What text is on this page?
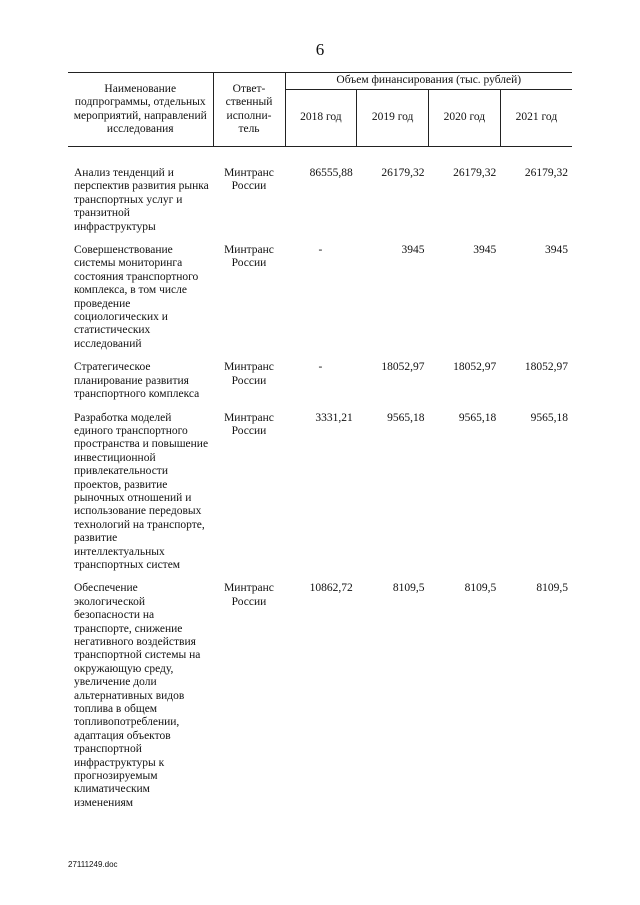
6
Наименование подпрограммы, отдельных мероприятий, направлений исследования	Ответ-ственный исполни-тель	Объем финансирования (тыс. рублей)			
		2018 год	2019 год	2020 год	2021 год
Анализ тенденций и перспектив развития рынка транспортных услуг и транзитной инфраструктуры	Минтранс России	86555,88	26179,32	26179,32	26179,32
Совершенствование системы мониторинга состояния транспортного комплекса, в том числе проведение социологических и статистических исследований	Минтранс России	-	3945	3945	3945
Стратегическое планирование развития транспортного комплекса	Минтранс России	-	18052,97	18052,97	18052,97
Разработка моделей единого транспортного пространства и повышение инвестиционной привлекательности проектов, развитие рыночных отношений и использование передовых технологий на транспорте, развитие интеллектуальных транспортных систем	Минтранс России	3331,21	9565,18	9565,18	9565,18
Обеспечение экологической безопасности на транспорте, снижение негативного воздействия транспортной системы на окружающую среду, увеличение доли альтернативных видов топлива в общем топливопотреблении, адаптация объектов транспортной инфраструктуры к прогнозируемым климатическим изменениям	Минтранс России	10862,72	8109,5	8109,5	8109,5
27111249.doc
